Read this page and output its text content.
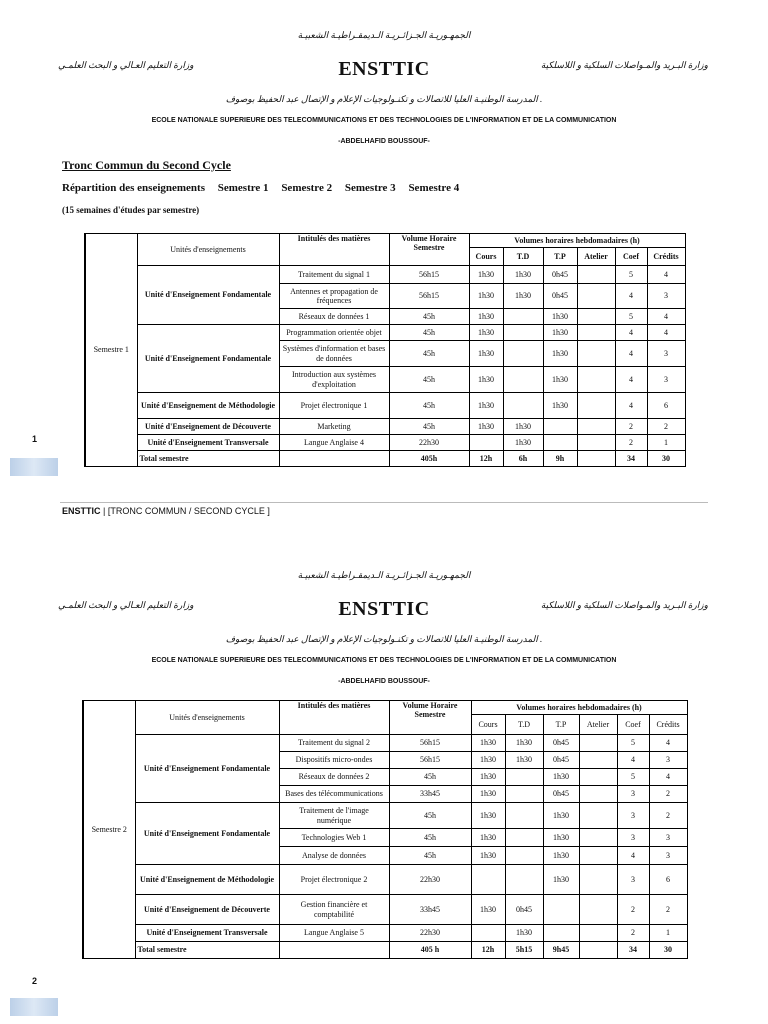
الجمهـوريـة الجـزائـريـة الـديمقـراطيـة الشعبيـة
وزارة التعليم العـالي و البحث العلمـي	وزارة البـريد والمـواصلات السلكية و اللاسلكية
ENSTTIC
المدرسة الوطنيـة العليا للاتصالات و تكنـولوجيات الإعلام و الإتصال عبد الحفيظ بوصوف .
ECOLE NATIONALE SUPERIEURE DES TELECOMMUNICATIONS ET DES TECHNOLOGIES DE L'INFORMATION ET DE LA COMMUNICATION
-ABDELHAFID BOUSSOUF-
Tronc Commun du Second Cycle
Répartition des enseignements Semestre 1 Semestre 2 Semestre 3 Semestre 4
(15 semaines d'études par semestre)
Semestre 1	Unités d'enseignements	Intitulés des matières	Volume Horaire Semestre	Volumes horaires hebdomadaires (h)					
				Cours	T.D	T.P	Atelier	Coef	Crédits
	Unité d'Enseignement Fondamentale	Traitement du signal 1	56h15	1h30	1h30	0h45		5	4
		Antennes et propagation de fréquences	56h15	1h30	1h30	0h45		4	3
		Réseaux de données 1	45h	1h30		1h30		5	4
	Unité d'Enseignement Fondamentale	Programmation orientée objet	45h	1h30		1h30		4	4
		Systèmes d'information et bases de données	45h	1h30		1h30		4	3
		Introduction aux systèmes d'exploitation	45h	1h30		1h30		4	3
	Unité d'Enseignement de Méthodologie	Projet électronique 1	45h	1h30		1h30		4	6
	Unité d'Enseignement de Découverte	Marketing	45h	1h30	1h30			2	2
	Unité d'Enseignement Transversale	Langue Anglaise 4	22h30		1h30			2	1
	Total semestre		405h	12h	6h	9h		34	30
1
ENSTTIC | [TRONC COMMUN / SECOND CYCLE ]
الجمهـوريـة الجـزائـريـة الـديمقـراطيـة الشعبيـة
وزارة التعليم العـالي و البحث العلمـي	وزارة البـريد والمـواصلات السلكية و اللاسلكية
ENSTTIC
المدرسة الوطنيـة العليا للاتصالات و تكنـولوجيات الإعلام و الإتصال عبد الحفيظ بوصوف .
ECOLE NATIONALE SUPERIEURE DES TELECOMMUNICATIONS ET DES TECHNOLOGIES DE L'INFORMATION ET DE LA COMMUNICATION
-ABDELHAFID BOUSSOUF-
Semestre 2	Unités d'enseignements	Intitulés des matières	Volume Horaire Semestre	Volumes horaires hebdomadaires (h)					
				Cours	T.D	T.P	Atelier	Coef	Crédits
	Unité d'Enseignement Fondamentale	Traitement du signal 2	56h15	1h30	1h30	0h45		5	4
		Dispositifs micro-ondes	56h15	1h30	1h30	0h45		4	3
		Réseaux de données 2	45h	1h30		1h30		5	4
		Bases des télécommunications	33h45	1h30		0h45		3	2
	Unité d'Enseignement Fondamentale	Traitement de l'image numérique	45h	1h30		1h30		3	2
		Technologies Web 1	45h	1h30		1h30		3	3
		Analyse de données	45h	1h30		1h30		4	3
	Unité d'Enseignement de Méthodologie	Projet électronique 2	22h30			1h30		3	6
	Unité d'Enseignement de Découverte	Gestion financière et comptabilité	33h45	1h30	0h45			2	2
	Unité d'Enseignement Transversale	Langue Anglaise 5	22h30		1h30			2	1
	Total semestre		405 h	12h	5h15	9h45		34	30
2
